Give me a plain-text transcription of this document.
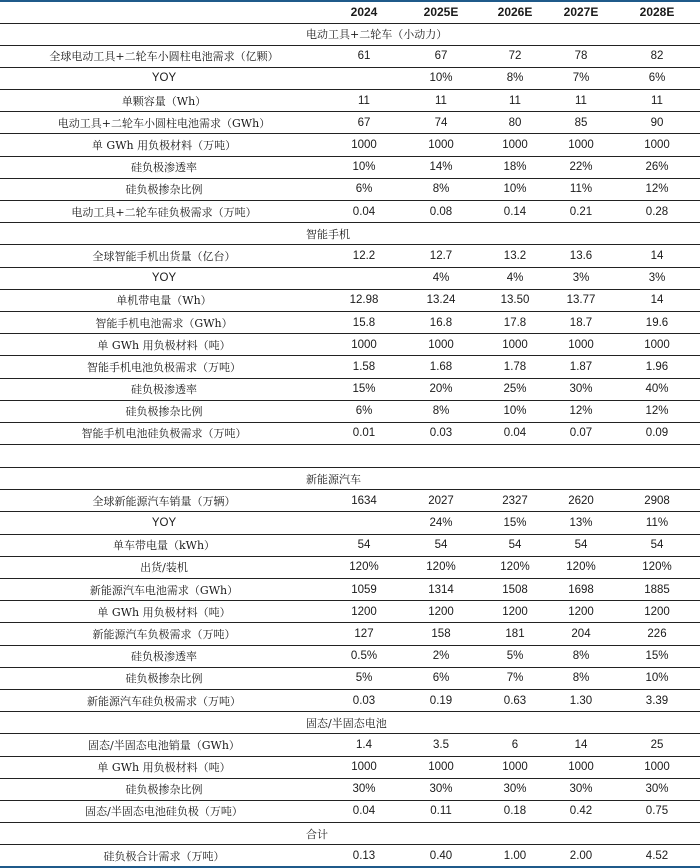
	2024	2025E	2026E	2027E	2028E
电动工具+二轮车（小动力）					
全球电动工具+二轮车小圆柱电池需求（亿颗）	61	67	72	78	82
YOY		10%	8%	7%	6%
单颗容量（Wh）	11	11	11	11	11
电动工具+二轮车小圆柱电池需求（GWh）	67	74	80	85	90
单 GWh 用负极材料（万吨）	1000	1000	1000	1000	1000
硅负极渗透率	10%	14%	18%	22%	26%
硅负极掺杂比例	6%	8%	10%	11%	12%
电动工具+二轮车硅负极需求（万吨）	0.04	0.08	0.14	0.21	0.28
智能手机					
全球智能手机出货量（亿台）	12.2	12.7	13.2	13.6	14
YOY		4%	4%	3%	3%
单机带电量（Wh）	12.98	13.24	13.50	13.77	14
智能手机电池需求（GWh）	15.8	16.8	17.8	18.7	19.6
单 GWh 用负极材料（吨）	1000	1000	1000	1000	1000
智能手机电池负极需求（万吨）	1.58	1.68	1.78	1.87	1.96
硅负极渗透率	15%	20%	25%	30%	40%
硅负极掺杂比例	6%	8%	10%	12%	12%
智能手机电池硅负极需求（万吨）	0.01	0.03	0.04	0.07	0.09

新能源汽车					
全球新能源汽车销量（万辆）	1634	2027	2327	2620	2908
YOY		24%	15%	13%	11%
单车带电量（kWh）	54	54	54	54	54
出货/装机	120%	120%	120%	120%	120%
新能源汽车电池需求（GWh）	1059	1314	1508	1698	1885
单 GWh 用负极材料（吨）	1200	1200	1200	1200	1200
新能源汽车负极需求（万吨）	127	158	181	204	226
硅负极渗透率	0.5%	2%	5%	8%	15%
硅负极掺杂比例	5%	6%	7%	8%	10%
新能源汽车硅负极需求（万吨）	0.03	0.19	0.63	1.30	3.39
固态/半固态电池					
固态/半固态电池销量（GWh）	1.4	3.5	6	14	25
单 GWh 用负极材料（吨）	1000	1000	1000	1000	1000
硅负极掺杂比例	30%	30%	30%	30%	30%
固态/半固态电池硅负极（万吨）	0.04	0.11	0.18	0.42	0.75
合计					
硅负极合计需求（万吨）	0.13	0.40	1.00	2.00	4.52
